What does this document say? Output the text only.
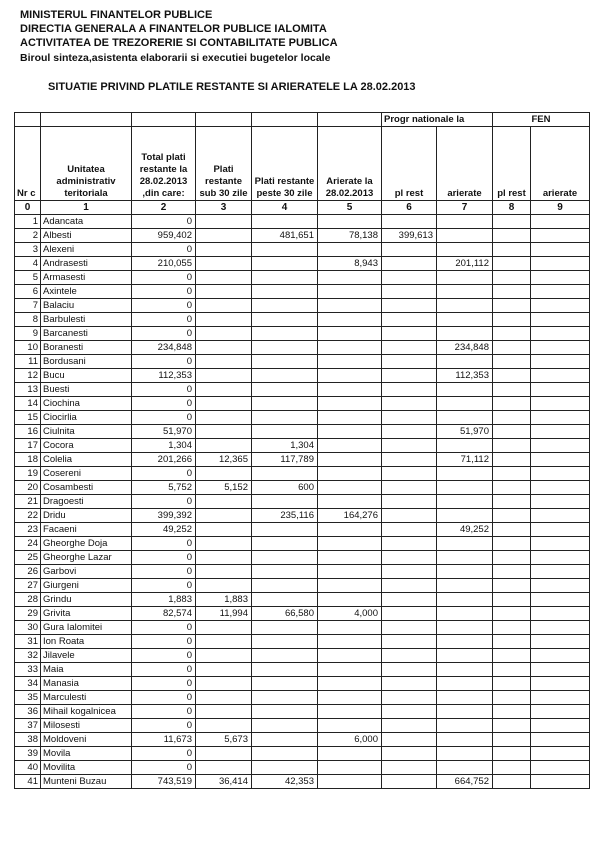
MINISTERUL FINANTELOR PUBLICE
DIRECTIA GENERALA A FINANTELOR PUBLICE IALOMITA
ACTIVITATEA DE TREZORERIE SI CONTABILITATE PUBLICA
Biroul sinteza,asistenta elaborarii si executiei bugetelor locale
SITUATIE PRIVIND PLATILE RESTANTE SI ARIERATELE LA 28.02.2013
						Progr nationale la		FEN	
Nr c	Unitatea administrativ teritoriala	Total plati restante la 28.02.2013 ,din care:	Plati restante sub 30 zile	Plati restante peste 30 zile	Arierate la 28.02.2013	pl rest	arierate	pl rest	arierate
0	1	2	3	4	5	6	7	8	9
1	Adancata	0							
2	Albesti	959,402		481,651	78,138	399,613			
3	Alexeni	0							
4	Andrasesti	210,055			8,943		201,112		
5	Armasesti	0							
6	Axintele	0							
7	Balaciu	0							
8	Barbulesti	0							
9	Barcanesti	0							
10	Boranesti	234,848					234,848		
11	Bordusani	0							
12	Bucu	112,353					112,353		
13	Buesti	0							
14	Ciochina	0							
15	Ciocirlia	0							
16	Ciulnita	51,970					51,970		
17	Cocora	1,304		1,304					
18	Colelia	201,266	12,365	117,789			71,112		
19	Cosereni	0							
20	Cosambesti	5,752	5,152	600					
21	Dragoesti	0							
22	Dridu	399,392		235,116	164,276				
23	Facaeni	49,252					49,252		
24	Gheorghe Doja	0							
25	Gheorghe Lazar	0							
26	Garbovi	0							
27	Giurgeni	0							
28	Grindu	1,883	1,883						
29	Grivita	82,574	11,994	66,580	4,000				
30	Gura Ialomitei	0							
31	Ion Roata	0							
32	Jilavele	0							
33	Maia	0							
34	Manasia	0							
35	Marculesti	0							
36	Mihail kogalnicea	0							
37	Milosesti	0							
38	Moldoveni	11,673	5,673		6,000				
39	Movila	0							
40	Movilita	0							
41	Munteni Buzau	743,519	36,414	42,353			664,752		
